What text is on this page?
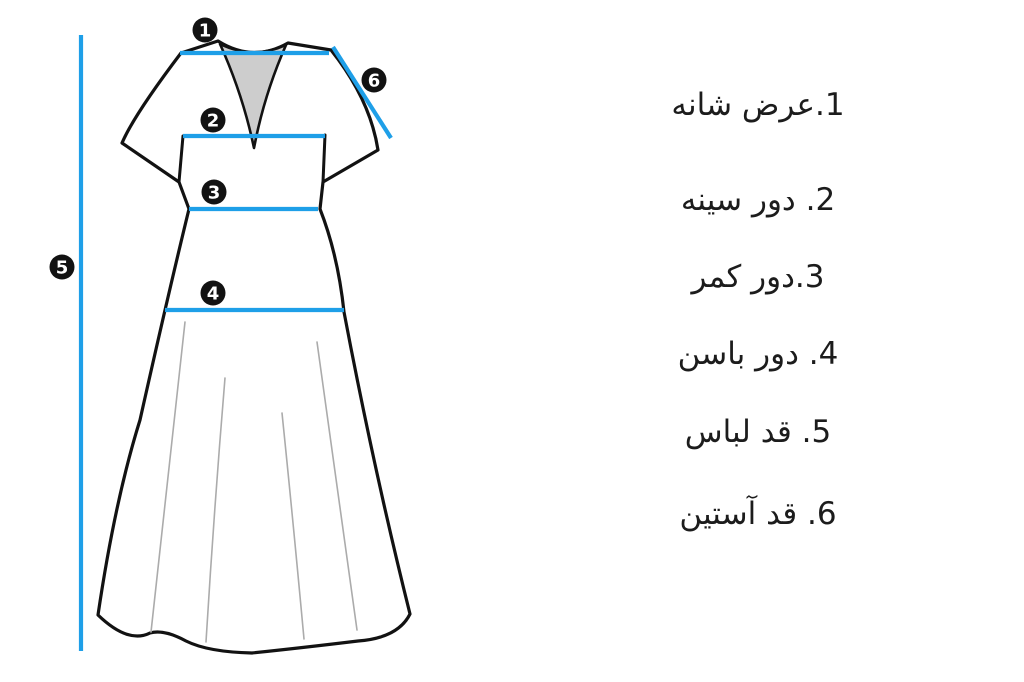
1
2
3
4
5
6
1.عرض شانه
2. دور سینه
3.دور کمر
4. دور باسن
5. قد لباس
6. قد آستین
